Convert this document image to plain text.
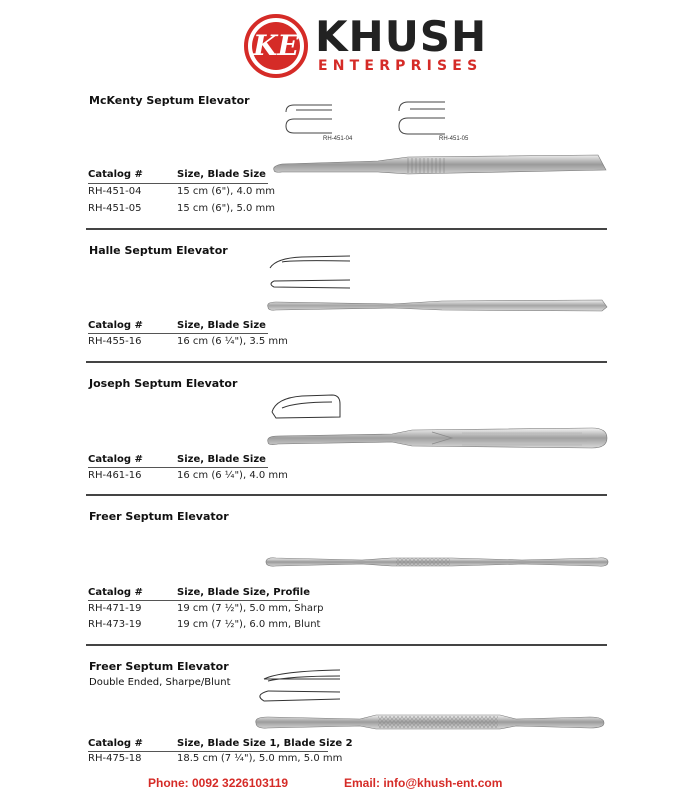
KE KHUSH
ENTERPRISES
McKenty Septum Elevator
RH-451-04	RH-451-05
Catalog #	Size, Blade Size
RH-451-04	15 cm (6"), 4.0 mm
RH-451-05	15 cm (6"), 5.0 mm
Halle Septum Elevator
Catalog #	Size, Blade Size
RH-455-16	16 cm (6 ¼"), 3.5 mm
Joseph Septum Elevator
Catalog #	Size, Blade Size
RH-461-16	16 cm (6 ¼"), 4.0 mm
Freer Septum Elevator
Catalog #	Size, Blade Size, Profile
RH-471-19	19 cm (7 ½"), 5.0 mm, Sharp
RH-473-19	19 cm (7 ½"), 6.0 mm, Blunt
Freer Septum Elevator
Double Ended, Sharpe/Blunt
Catalog #	Size, Blade Size 1, Blade Size 2
RH-475-18	18.5 cm (7 ¼"), 5.0 mm, 5.0 mm
Phone: 0092 3226103119	Email: info@khush-ent.com
